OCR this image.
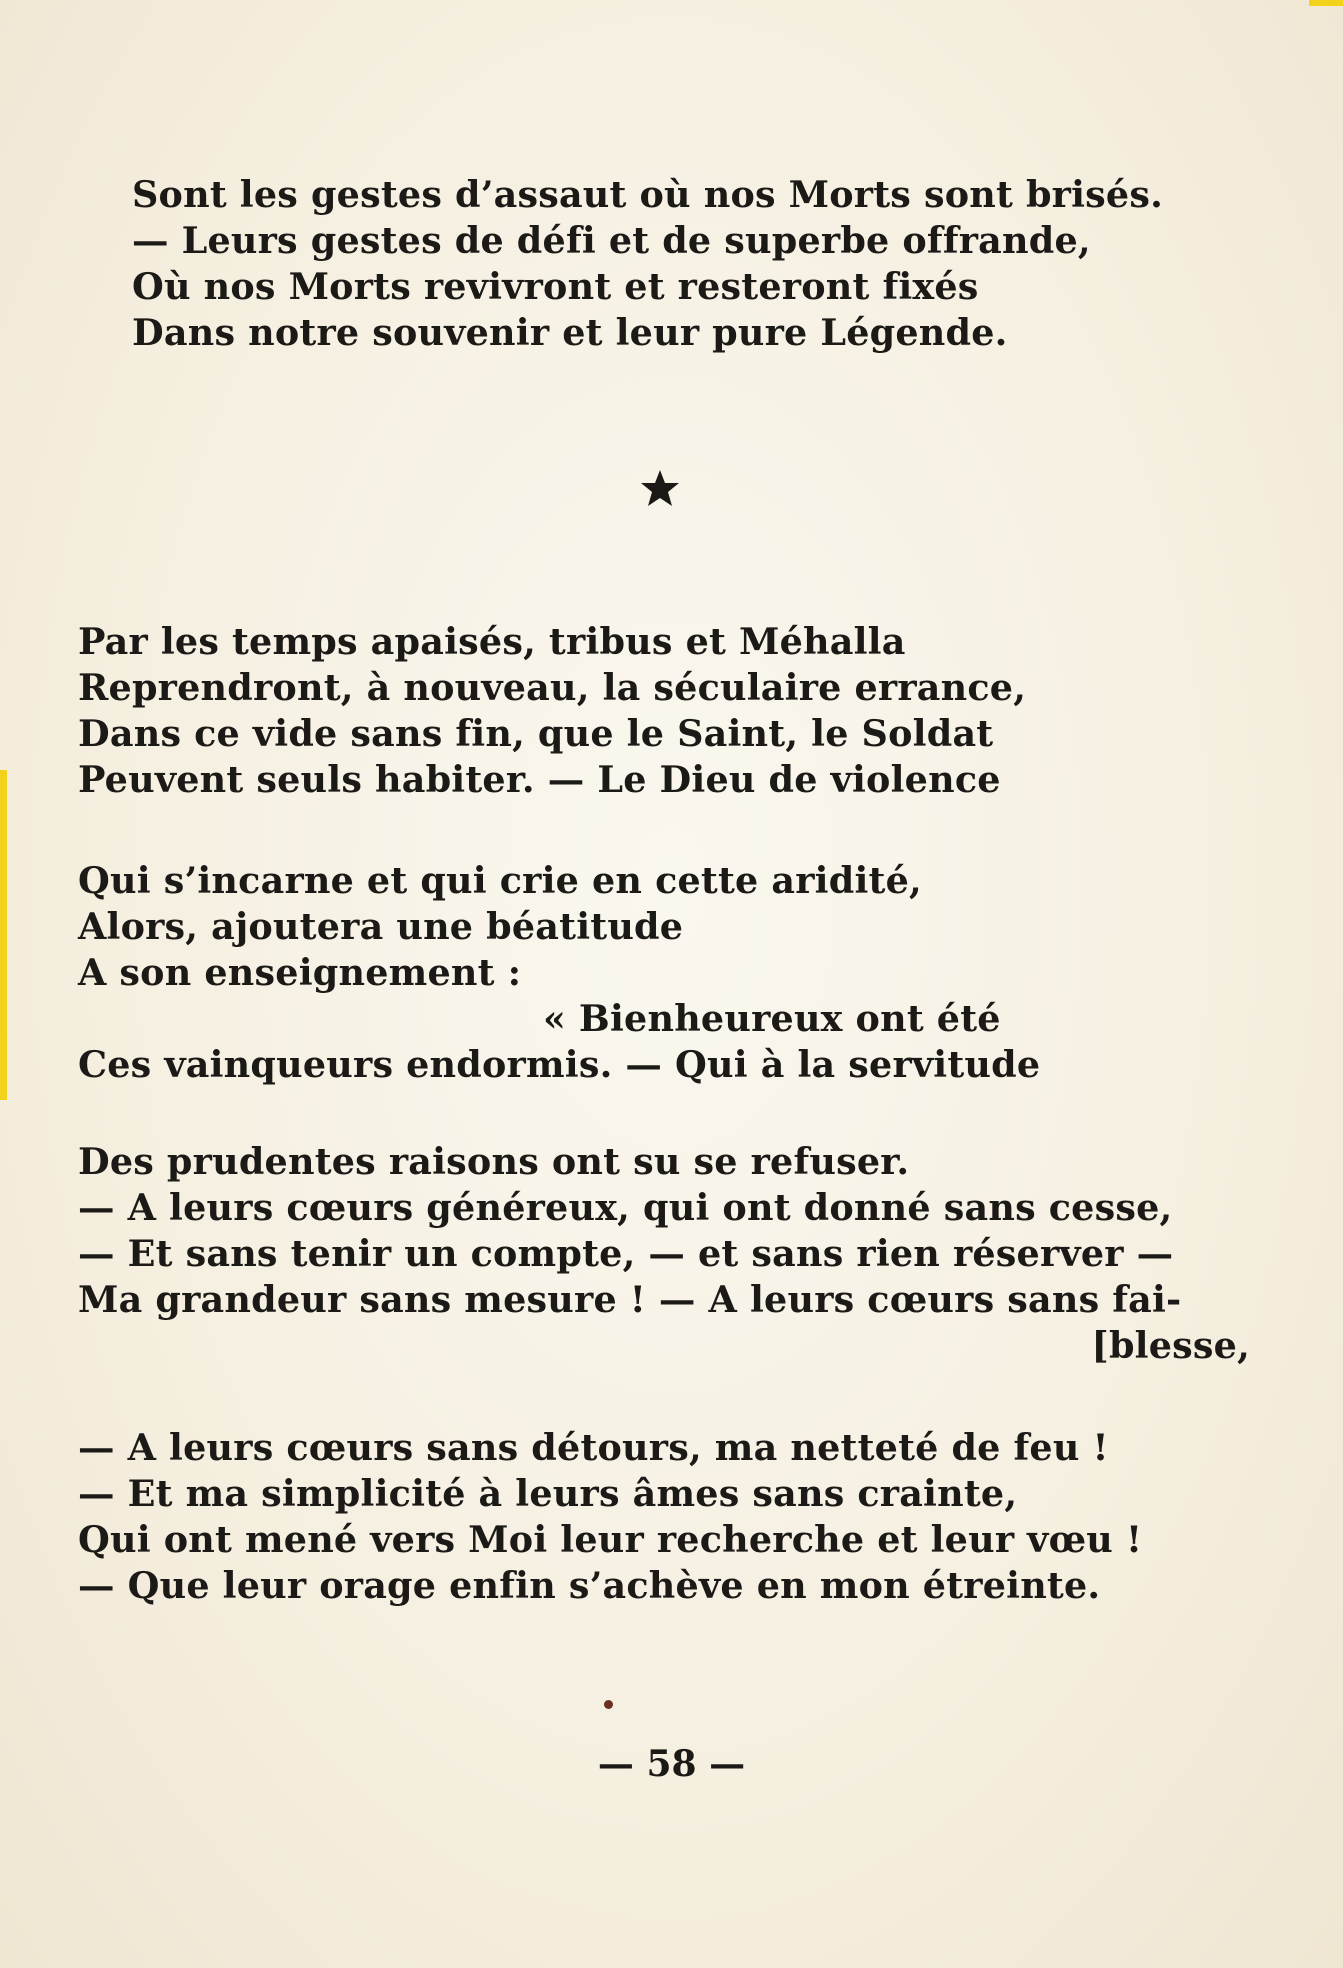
Sont les gestes d’assaut où nos Morts sont brisés.
— Leurs gestes de défi et de superbe offrande,
Où nos Morts revivront et resteront fixés
Dans notre souvenir et leur pure Légende.
Par les temps apaisés, tribus et Méhalla
Reprendront, à nouveau, la séculaire errance,
Dans ce vide sans fin, que le Saint, le Soldat
Peuvent seuls habiter. — Le Dieu de violence
Qui s’incarne et qui crie en cette aridité,
Alors, ajoutera une béatitude
A son enseignement :
« Bienheureux ont été
Ces vainqueurs endormis. — Qui à la servitude
Des prudentes raisons ont su se refuser.
— A leurs cœurs généreux, qui ont donné sans cesse,
— Et sans tenir un compte, — et sans rien réserver —
Ma grandeur sans mesure ! — A leurs cœurs sans fai-
[blesse,
— A leurs cœurs sans détours, ma netteté de feu !
— Et ma simplicité à leurs âmes sans crainte,
Qui ont mené vers Moi leur recherche et leur vœu !
— Que leur orage enfin s’achève en mon étreinte.
— 58 —
